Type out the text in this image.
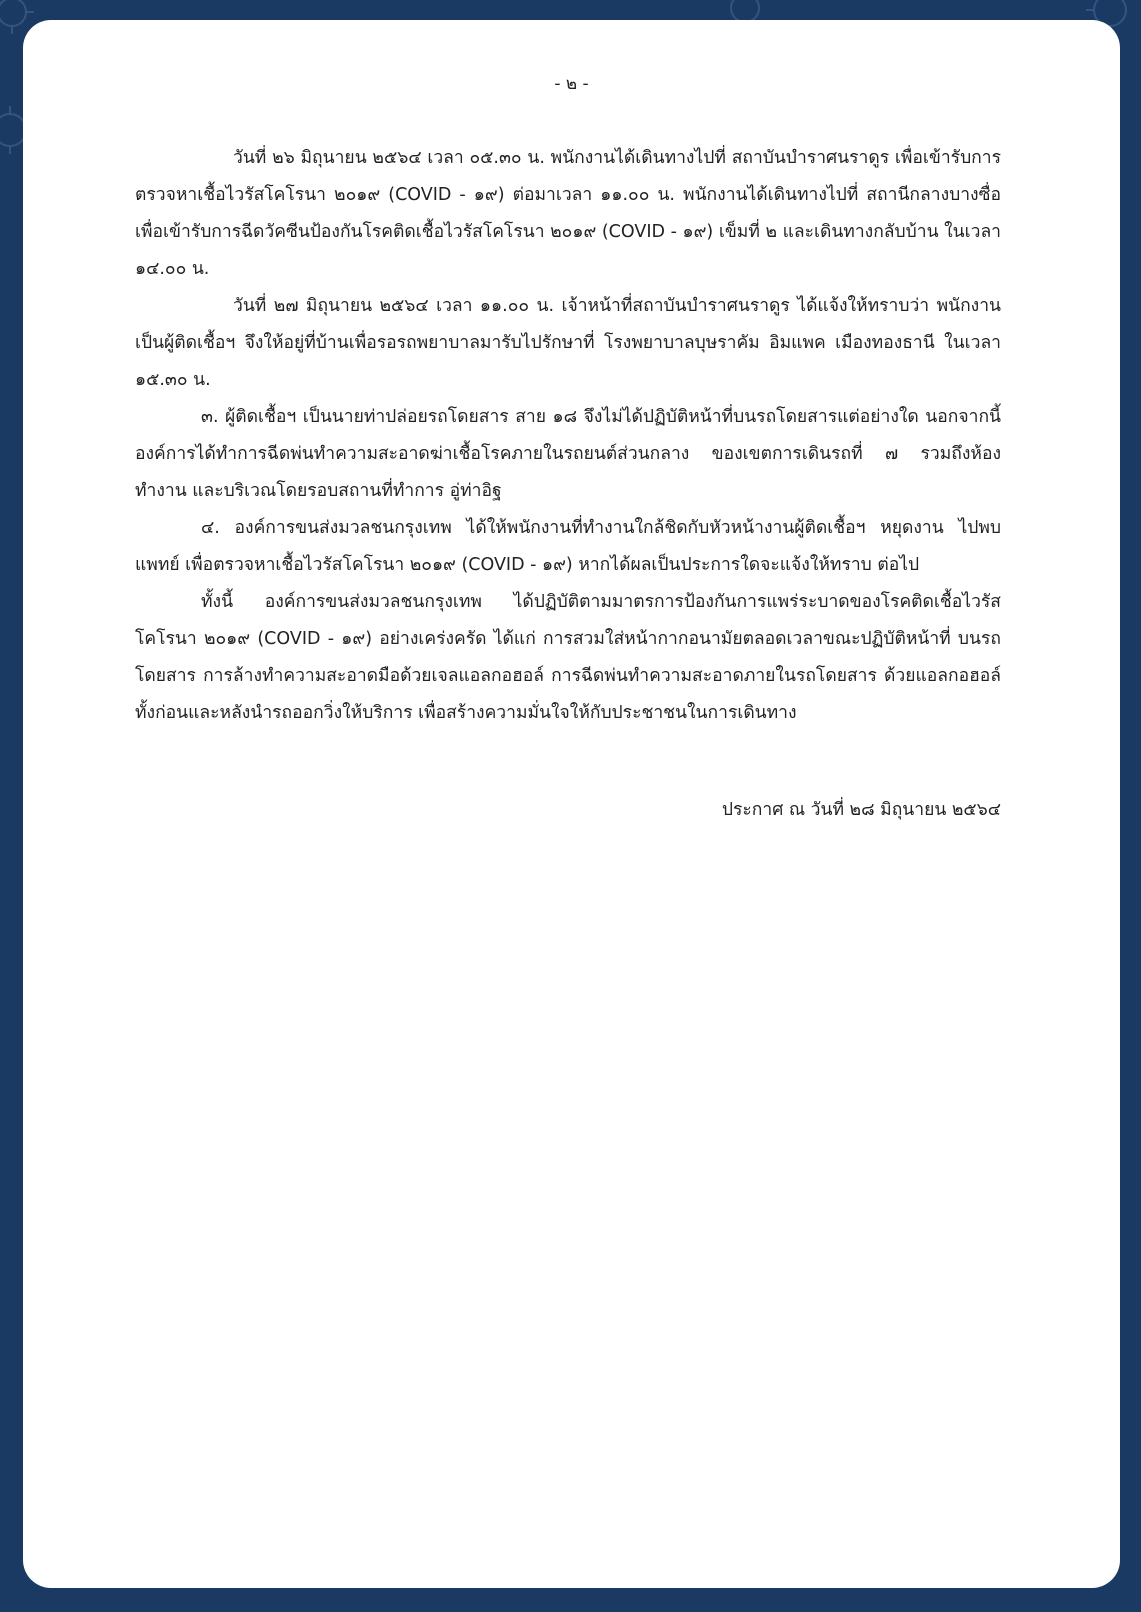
- ๒ -

วันที่ ๒๖ มิถุนายน ๒๕๖๔ เวลา ๐๕.๓๐ น. พนักงานได้เดินทางไปที่ สถาบันบำราศนราดูร เพื่อเข้ารับการตรวจหาเชื้อไวรัสโคโรนา ๒๐๑๙ (COVID - ๑๙) ต่อมาเวลา ๑๑.๐๐ น. พนักงานได้เดินทางไปที่ สถานีกลางบางซื่อ เพื่อเข้ารับการฉีดวัคซีนป้องกันโรคติดเชื้อไวรัสโคโรนา ๒๐๑๙ (COVID - ๑๙) เข็มที่ ๒ และเดินทางกลับบ้าน ในเวลา ๑๔.๐๐ น.

วันที่ ๒๗ มิถุนายน ๒๕๖๔ เวลา ๑๑.๐๐ น. เจ้าหน้าที่สถาบันบำราศนราดูร ได้แจ้งให้ทราบว่า พนักงานเป็นผู้ติดเชื้อฯ จึงให้อยู่ที่บ้านเพื่อรอรถพยาบาลมารับไปรักษาที่ โรงพยาบาลบุษราคัม อิมแพค เมืองทองธานี ในเวลา ๑๕.๓๐ น.

๓. ผู้ติดเชื้อฯ เป็นนายท่าปล่อยรถโดยสาร สาย ๑๘ จึงไม่ได้ปฏิบัติหน้าที่บนรถโดยสารแต่อย่างใด นอกจากนี้ องค์การได้ทำการฉีดพ่นทำความสะอาดฆ่าเชื้อโรคภายในรถยนต์ส่วนกลาง ของเขตการเดินรถที่ ๗ รวมถึงห้องทำงาน และบริเวณโดยรอบสถานที่ทำการ อู่ท่าอิฐ

๔. องค์การขนส่งมวลชนกรุงเทพ ได้ให้พนักงานที่ทำงานใกล้ชิดกับหัวหน้างานผู้ติดเชื้อฯ หยุดงาน ไปพบแพทย์ เพื่อตรวจหาเชื้อไวรัสโคโรนา ๒๐๑๙ (COVID - ๑๙) หากได้ผลเป็นประการใดจะแจ้งให้ทราบ ต่อไป

ทั้งนี้ องค์การขนส่งมวลชนกรุงเทพ ได้ปฏิบัติตามมาตรการป้องกันการแพร่ระบาดของโรคติดเชื้อไวรัส โคโรนา ๒๐๑๙ (COVID - ๑๙) อย่างเคร่งครัด ได้แก่ การสวมใส่หน้ากากอนามัยตลอดเวลาขณะปฏิบัติหน้าที่ บนรถโดยสาร การล้างทำความสะอาดมือด้วยเจลแอลกอฮอล์ การฉีดพ่นทำความสะอาดภายในรถโดยสาร ด้วยแอลกอฮอล์ ทั้งก่อนและหลังนำรถออกวิ่งให้บริการ เพื่อสร้างความมั่นใจให้กับประชาชนในการเดินทาง

ประกาศ ณ วันที่ ๒๘ มิถุนายน ๒๕๖๔
